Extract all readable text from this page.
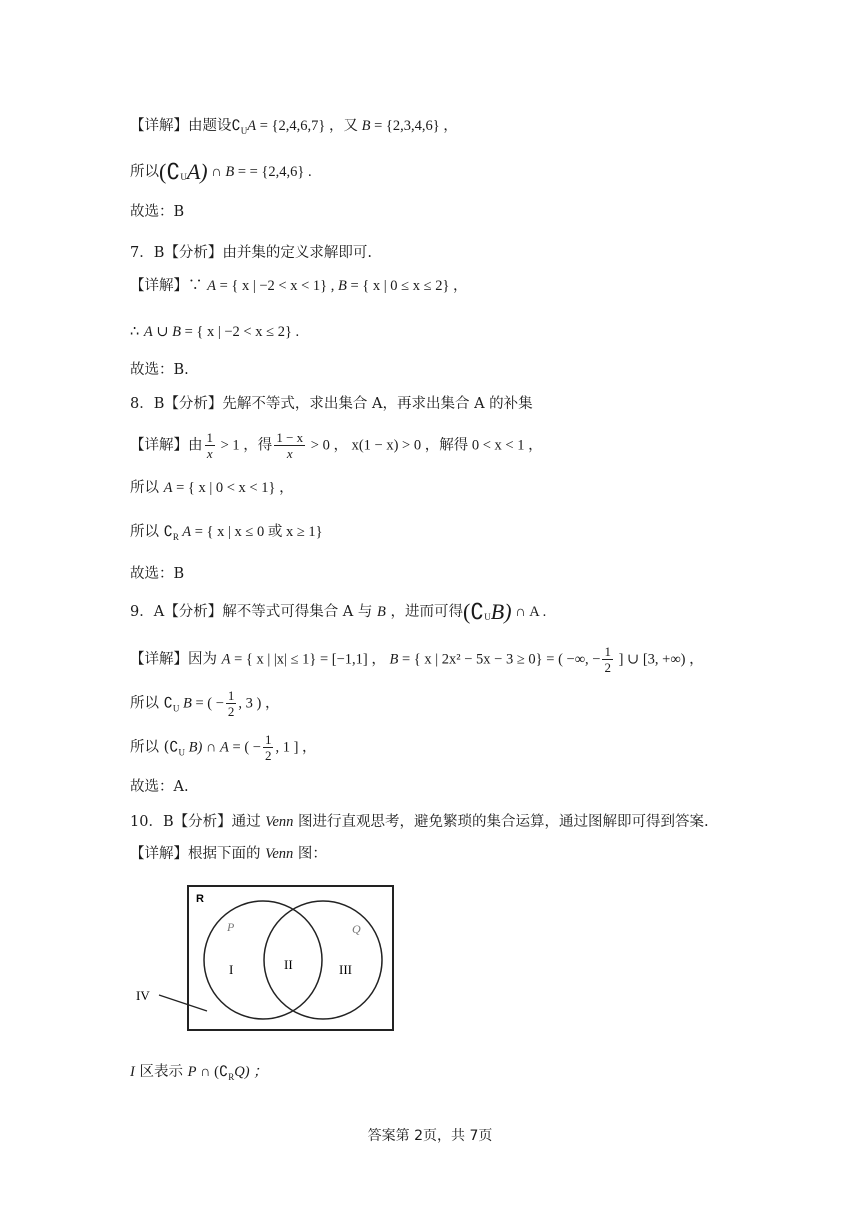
【详解】由题设$∁_UA = \{2,4,6,7\}$ ，又 B = {2,3,4,6} ，
所以$(∁_UA)$ ∩ B = = {2,4,6} .
故选：B
7．B【分析】由并集的定义求解即可.
【详解】∵ A = { x | −2 < x < 1} , B = { x | 0 ≤ x ≤ 2} ，
∴ A ∪ B = { x | −2 < x ≤ 2} .
故选：B.
8．B【分析】先解不等式，求出集合 A，再求出集合 A 的补集
【详解】由 $\frac{1}{x} > 1$ ，得 $\frac{1 - x}{x} > 0$ ， x(1 − x) > 0 ，解得 0 < x < 1 ，
所以 A = { x | 0 < x < 1} ，
所以 $∁_R$ A = { x | x ≤ 0 或 x ≥ 1}
故选：B
9．A【分析】解不等式可得集合 A 与 B ，进而可得$(∁_UB)$ ∩ A .
【详解】因为 A = { x | |x| ≤ 1} = [−1,1] ， B = { x | 2x² − 5x − 3 ≥ 0} = ( −∞, − $\frac{1}{2}$ ] ∪ [3, +∞) ，
所以 $∁_U$ B = ( − $\frac{1}{2}$ , 3 ) ，
所以 ($∁_U$ B) ∩ A = ( − $\frac{1}{2}$ , 1 ] ，
故选：A.
10．B【分析】通过 Venn 图进行直观思考，避免繁琐的集合运算，通过图解即可得到答案.
【详解】根据下面的 Venn 图：
R
P	Q
I	II	III
IV
I 区表示 P ∩ $(∁_RQ)$ ；
答案第 2页，共 7页
